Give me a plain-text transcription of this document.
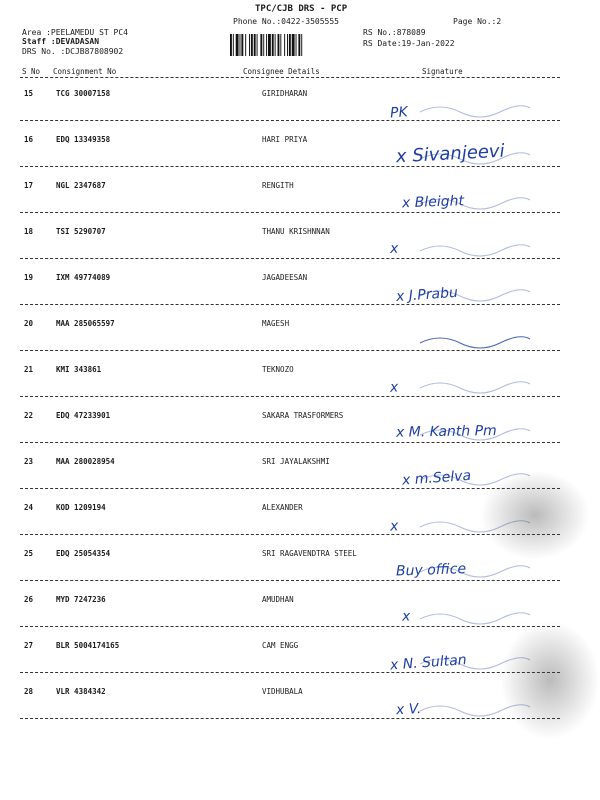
TPC/CJB DRS - PCP
Phone No.:0422-3505555	Page No.:2
Area :PEELAMEDU ST PC4
Staff :DEVADASAN
DRS No. :DCJB87808902
RS No.:878089
RS Date:19-Jan-2022
S No Consignment No	Consignee Details	Signature
15	TCG 30007158	GIRIDHARAN
PK
16	EDQ 13349358	HARI PRIYA
x Sivanjeevi
17	NGL 2347687	RENGITH
x Bleight
18	TSI 5290707	THANU KRISHNNAN
x
19	IXM 49774089	JAGADEESAN
x J.Prabu
20	MAA 285065597	MAGESH
21	KMI 343861	TEKNOZO
x
22	EDQ 47233901	SAKARA TRASFORMERS
x M. Kanth Pm
23	MAA 280028954	SRI JAYALAKSHMI
x m.Selva
24	KOD 1209194	ALEXANDER
x
25	EDQ 25054354	SRI RAGAVENDTRA STEEL
Buy office
26	MYD 7247236	AMUDHAN
x
27	BLR 5004174165	CAM ENGG
x N. Sultan
28	VLR 4384342	VIDHUBALA
x V.
